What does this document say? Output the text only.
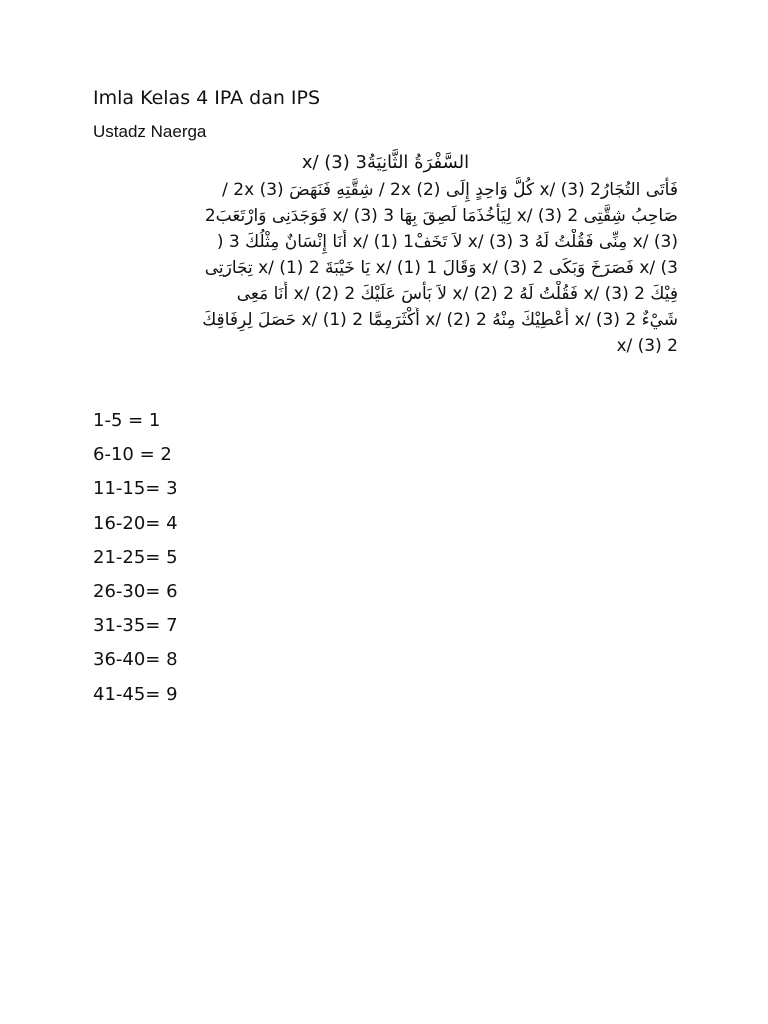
Imla Kelas 4 IPA dan IPS
Ustadz Naerga

السَّفْرَةُ الثَّانِيَةُ3 (3) /x

فَأَتَى التُجَارُ2 (3) /x كُلُّ وَاحِدٍ إِلَى (2) 2x / شِقَّتِهِ فَنَهَضَ (3) 2x /
صَاحِبُ شِقَّتِى 2 (3) /x لِيَأْخُذَمَا لَصِقَ بِهَا 3 (3) /x فَوَجَدَنِى وَارْتَعَبَ2
(3) /x مِنِّى فَقُلْتُ لَهُ 3 (3) /x لاَ تَخَفْ1 (1) /x أَنَا إِنْسَانٌ مِثْلُكَ 3 (
3) /x فَصَرَخَ وَبَكَى 2 (3) /x وَقَالَ 1 (1) /x يَا خَيْبَةَ 2 (1) /x تِجَارَتِى
فِيْكَ 2 (3) /x فَقُلْتُ لَهُ 2 (2) /x لاَ بَأْسَ عَلَيْكَ 2 (2) /x أَنَا مَعِى
شَيْءٌ 2 (3) /x أُعْطِيْكَ مِنْهُ 2 (2) /x أَكْثَرَمِمَّا 2 (1) /x حَصَلَ لِرِفَاقِكَ
2 (3) /x

1-5 = 1
6-10 = 2
11-15= 3
16-20= 4
21-25= 5
26-30= 6
31-35= 7
36-40= 8
41-45= 9
